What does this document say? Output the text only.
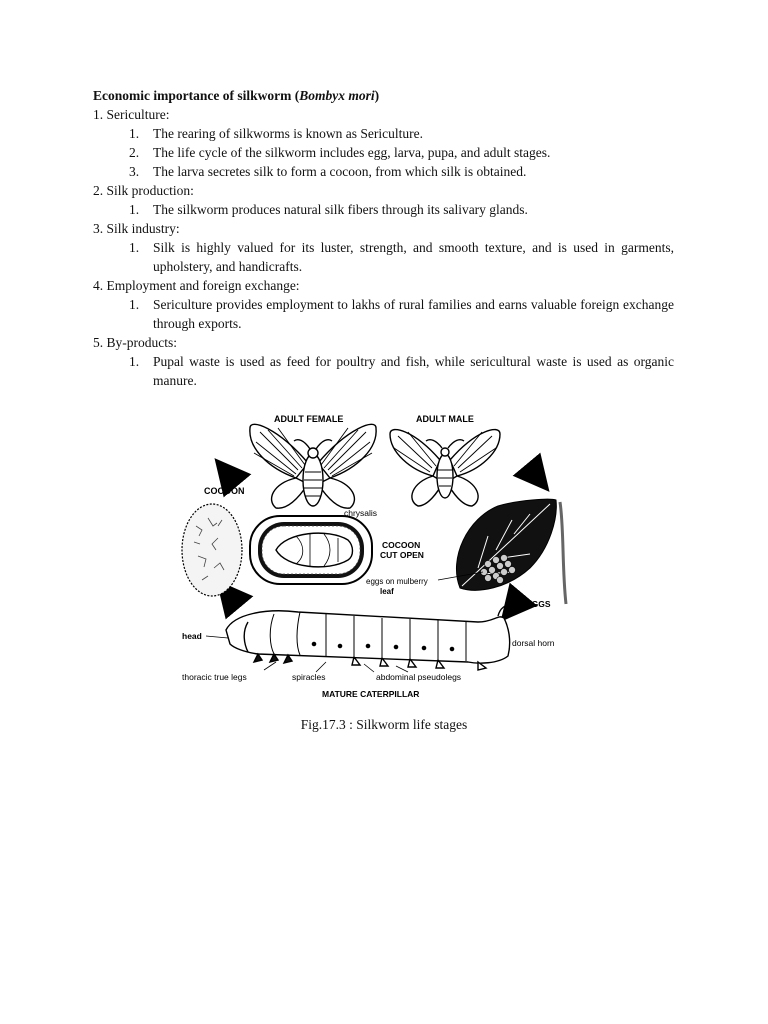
Economic importance of silkworm (Bombyx mori)
1. Sericulture:
1.	The rearing of silkworms is known as Sericulture.
2.	The life cycle of the silkworm includes egg, larva, pupa, and adult stages.
3.	The larva secretes silk to form a cocoon, from which silk is obtained.
2. Silk production:
1.	The silkworm produces natural silk fibers through its salivary glands.
3. Silk industry:
1.	Silk is highly valued for its luster, strength, and smooth texture, and is used in garments, upholstery, and handicrafts.
4. Employment and foreign exchange:
1.	Sericulture provides employment to lakhs of rural families and earns valuable foreign exchange through exports.
5. By-products:
1.	Pupal waste is used as feed for poultry and fish, while sericultural waste is used as organic manure.
ADULT FEMALE	ADULT MALE
COCOON
chrysalis
COCOON
CUT OPEN
eggs on mulberry
leaf
EGGS
head
dorsal horn
thoracic true legs	spiracles	abdominal pseudolegs
MATURE CATERPILLAR
Fig.17.3 : Silkworm life stages
